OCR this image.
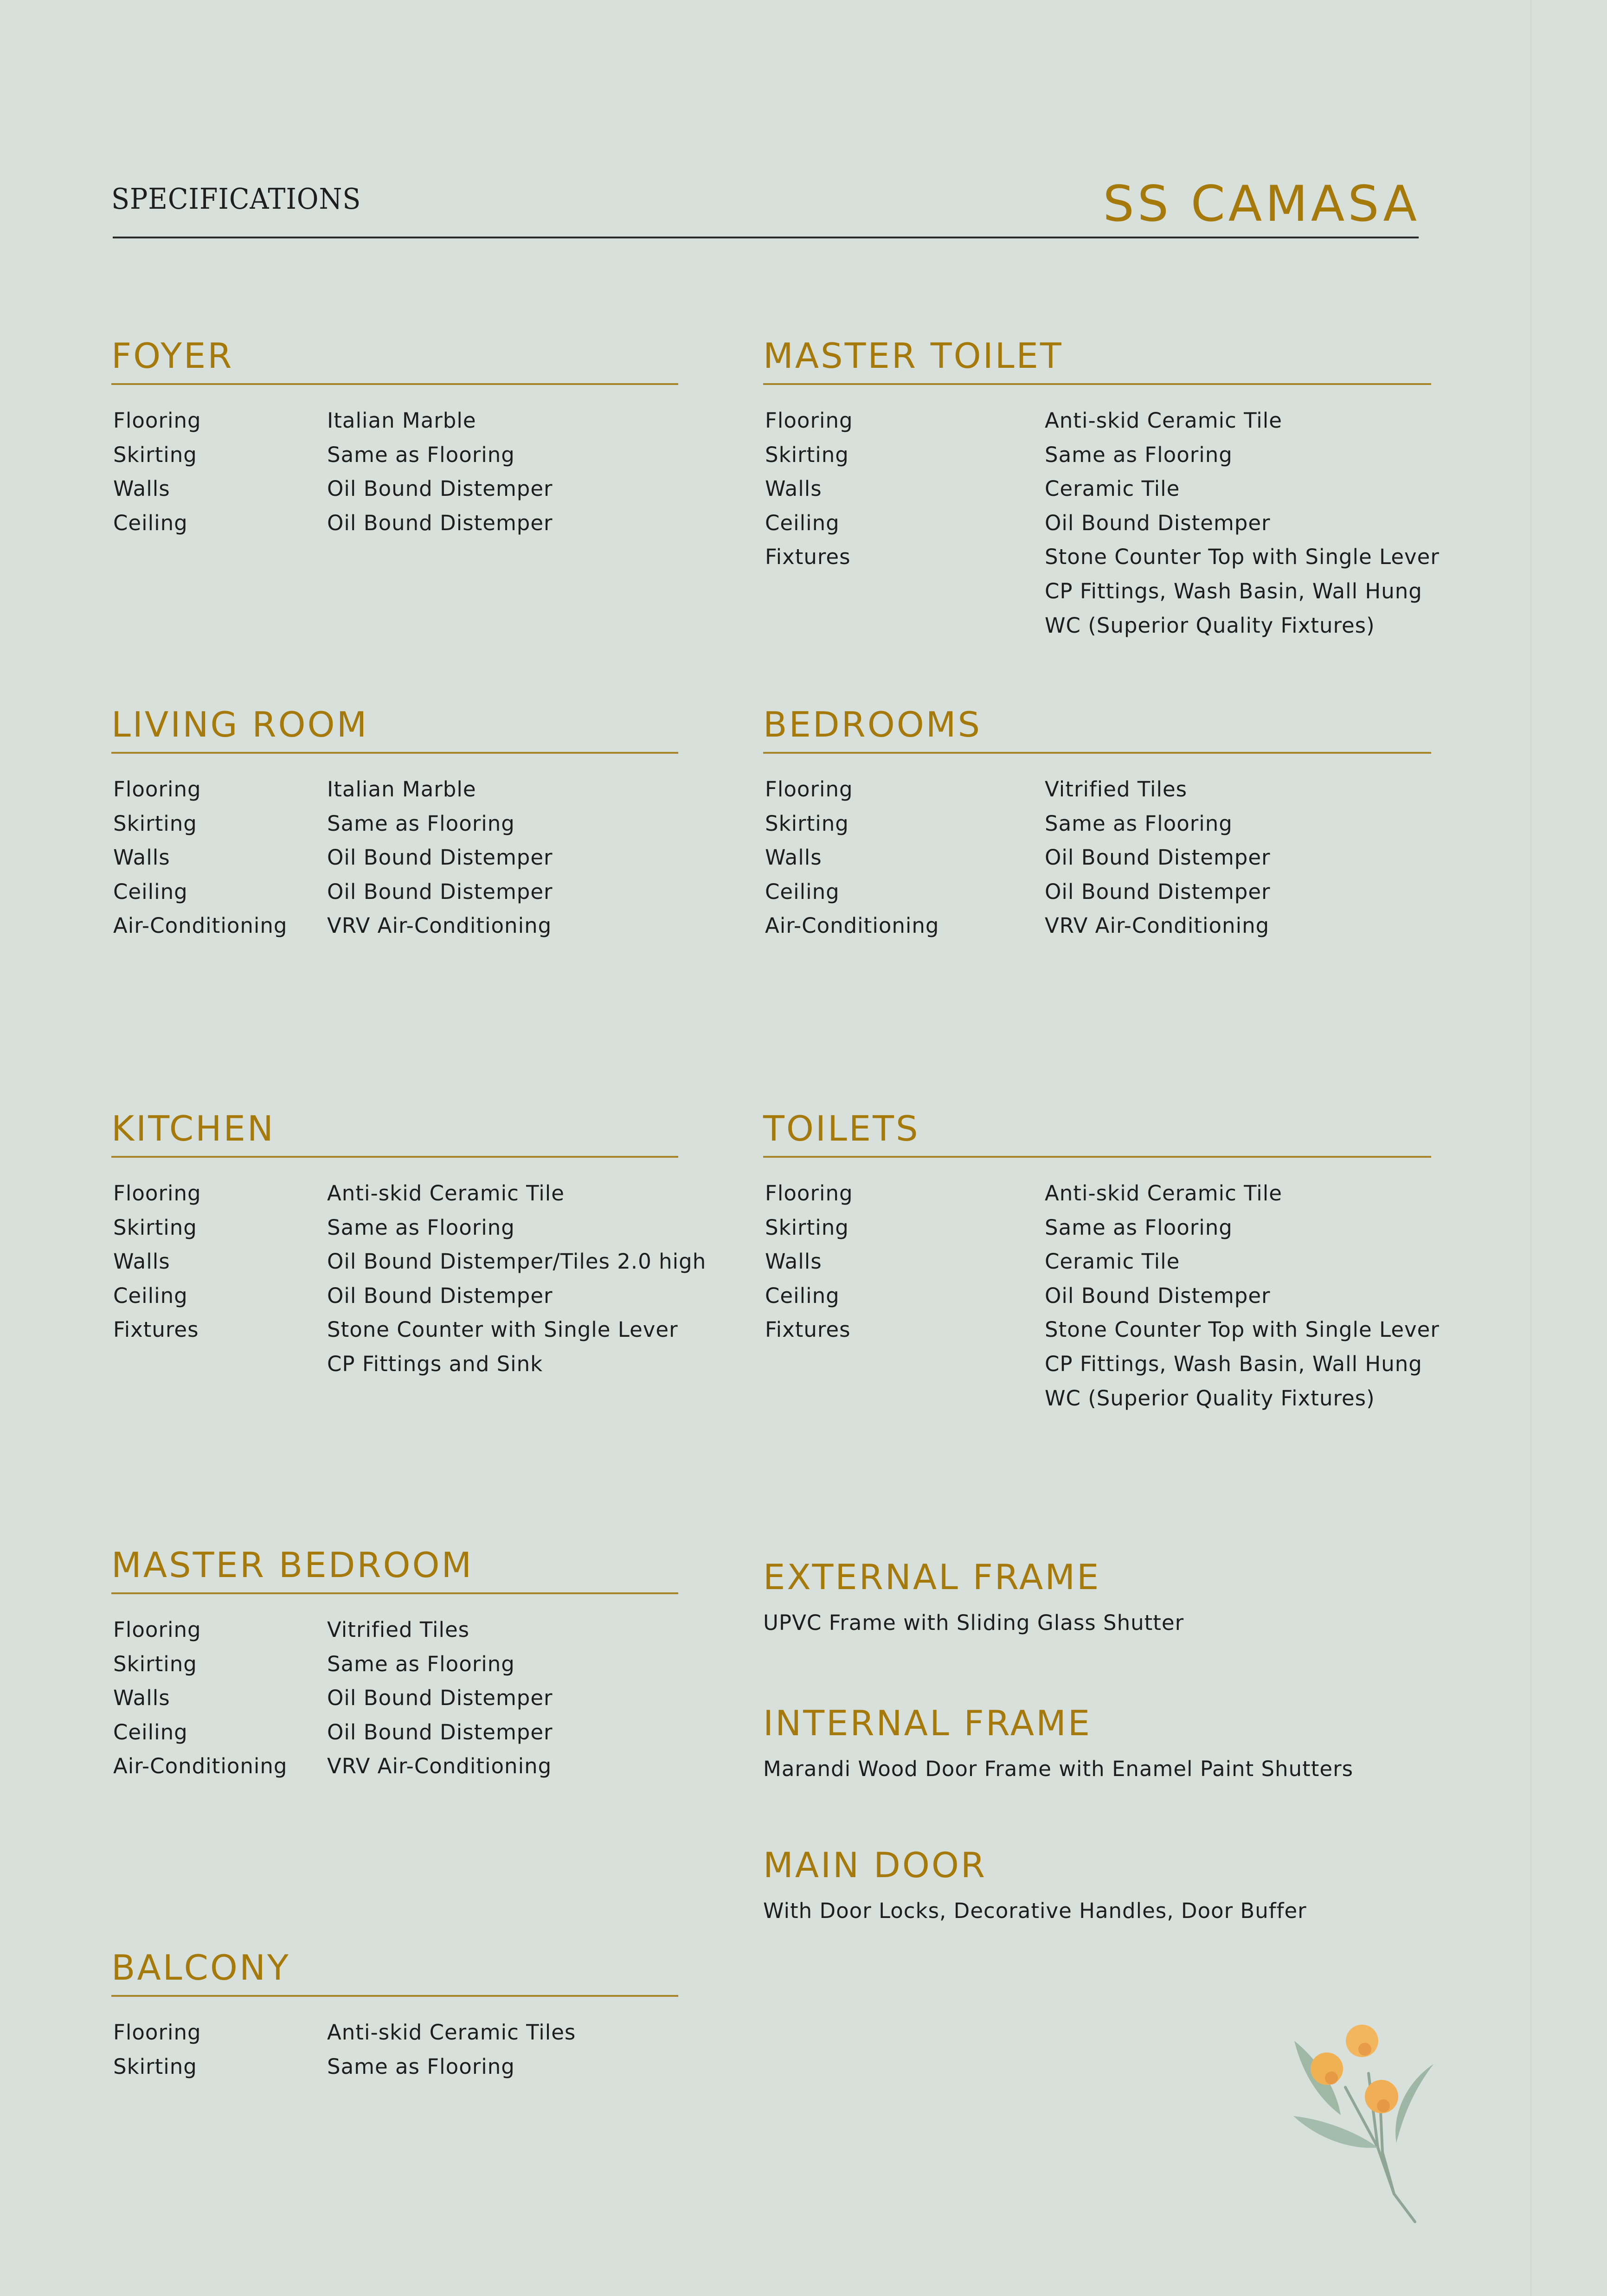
SPECIFICATIONS	SS CAMASA
FOYER
Flooring	Italian Marble
Skirting	Same as Flooring
Walls	Oil Bound Distemper
Ceiling	Oil Bound Distemper
MASTER TOILET
Flooring	Anti-skid Ceramic Tile
Skirting	Same as Flooring
Walls	Ceramic Tile
Ceiling	Oil Bound Distemper
Fixtures	Stone Counter Top with Single Lever
CP Fittings, Wash Basin, Wall Hung
WC (Superior Quality Fixtures)
LIVING ROOM
Flooring	Italian Marble
Skirting	Same as Flooring
Walls	Oil Bound Distemper
Ceiling	Oil Bound Distemper
Air-Conditioning	VRV Air-Conditioning
BEDROOMS
Flooring	Vitrified Tiles
Skirting	Same as Flooring
Walls	Oil Bound Distemper
Ceiling	Oil Bound Distemper
Air-Conditioning	VRV Air-Conditioning
KITCHEN
Flooring	Anti-skid Ceramic Tile
Skirting	Same as Flooring
Walls	Oil Bound Distemper/Tiles 2.0 high
Ceiling	Oil Bound Distemper
Fixtures	Stone Counter with Single Lever
CP Fittings and Sink
TOILETS
Flooring	Anti-skid Ceramic Tile
Skirting	Same as Flooring
Walls	Ceramic Tile
Ceiling	Oil Bound Distemper
Fixtures	Stone Counter Top with Single Lever
CP Fittings, Wash Basin, Wall Hung
WC (Superior Quality Fixtures)
MASTER BEDROOM
Flooring	Vitrified Tiles
Skirting	Same as Flooring
Walls	Oil Bound Distemper
Ceiling	Oil Bound Distemper
Air-Conditioning	VRV Air-Conditioning
BALCONY
Flooring	Anti-skid Ceramic Tiles
Skirting	Same as Flooring
EXTERNAL FRAME
UPVC Frame with Sliding Glass Shutter
INTERNAL FRAME
Marandi Wood Door Frame with Enamel Paint Shutters
MAIN DOOR
With Door Locks, Decorative Handles, Door Buffer
